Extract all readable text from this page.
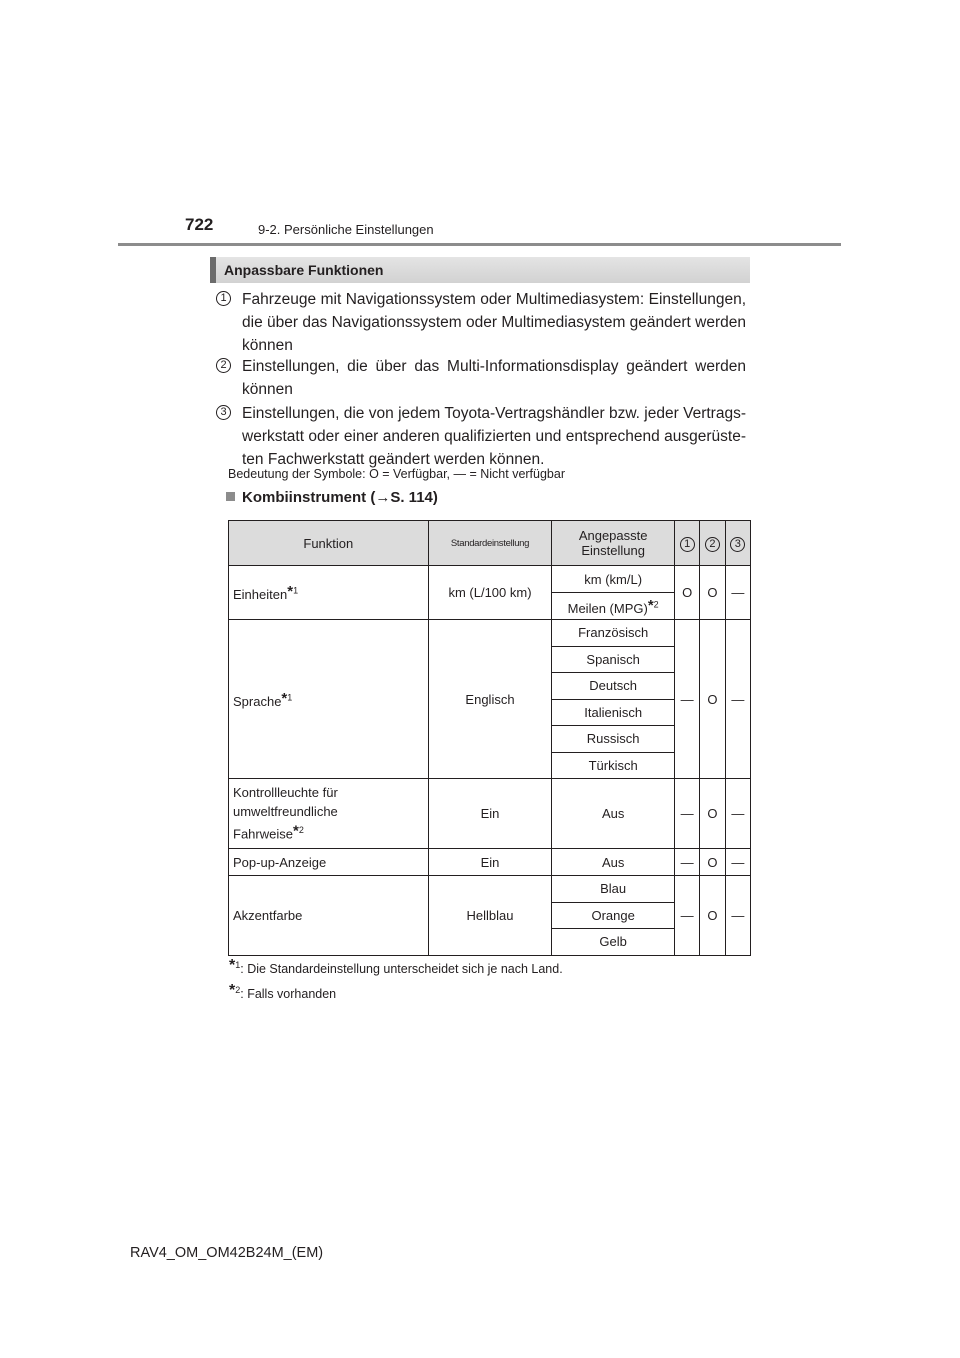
722	9-2. Persönliche Einstellungen
Anpassbare Funktionen
1 Fahrzeuge mit Navigationssystem oder Multimediasystem: Einstellungen, die über das Navigationssystem oder Multimediasystem geändert werden können
2 Einstellungen, die über das Multi-Informationsdisplay geändert werden können
3 Einstellungen, die von jedem Toyota-Vertragshändler bzw. jeder Vertrags-werkstatt oder einer anderen qualifizierten und entsprechend ausgerüste-ten Fachwerkstatt geändert werden können.
Bedeutung der Symbole: O = Verfügbar, — = Nicht verfügbar
Kombiinstrument (→S. 114)
Funktion	Standardeinstellung	Angepasste Einstellung	1	2	3
Einheiten*$^1$	km (L/100 km)	km (km/L)	O	O	—
		Meilen (MPG)*$^2$
Sprache*$^1$	Englisch	Französisch	—	O	—
		Spanisch			
		Deutsch			
		Italienisch			
		Russisch			
		Türkisch			

Kontrollleuchte für
umweltfreundliche
Fahrweise*$^2$	Ein	Aus	—	O	—
Pop-up-Anzeige	Ein	Aus	—	O	—
Akzentfarbe	Hellblau	Blau	—	O	—
		Orange			
		Gelb			
*$^1$: Die Standardeinstellung unterscheidet sich je nach Land.
*$^2$: Falls vorhanden
RAV4_OM_OM42B24M_(EM)
